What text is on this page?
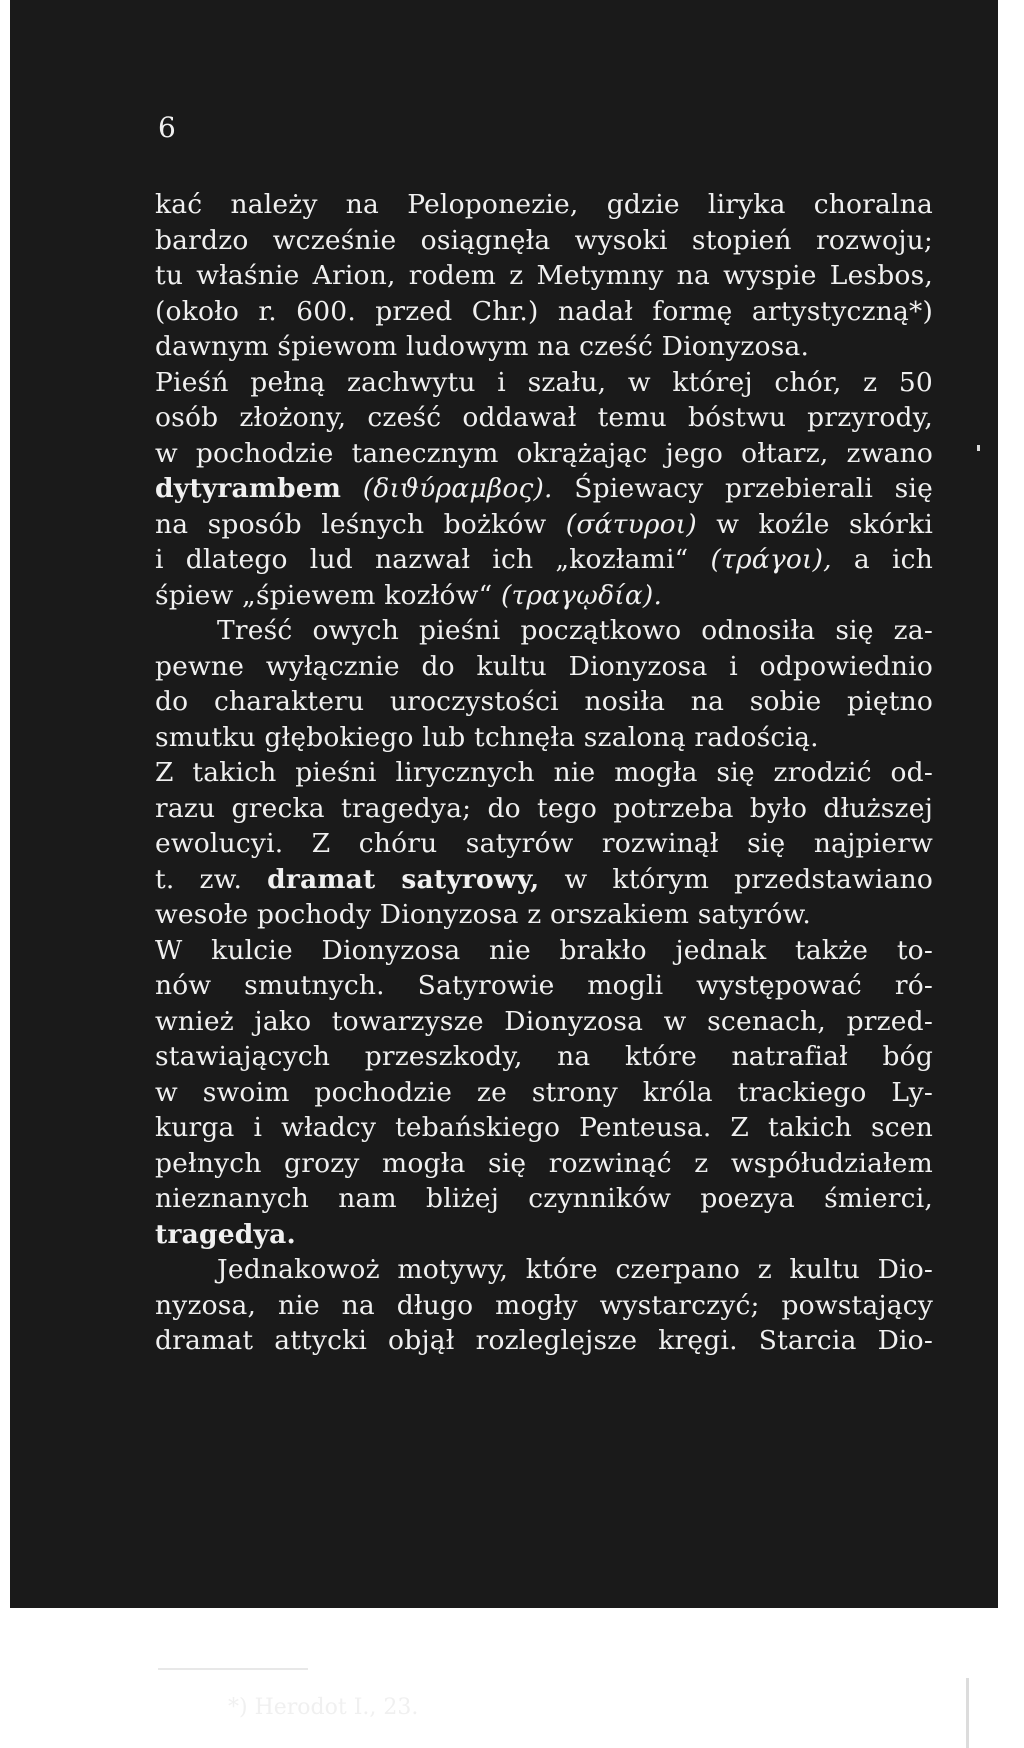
6
kać należy na Peloponezie, gdzie liryka choralna
bardzo wcześnie osiągnęła wysoki stopień rozwoju;
tu właśnie Arion, rodem z Metymny na wyspie Lesbos,
(około r. 600. przed Chr.) nadał formę artystyczną*)
dawnym śpiewom ludowym na cześć Dionyzosa.
Pieśń pełną zachwytu i szału, w której chór, z 50
osób złożony, cześć oddawał temu bóstwu przyrody,
w pochodzie tanecznym okrążając jego ołtarz, zwano
dytyrambem (διϑύραμβος). Śpiewacy przebierali się
na sposób leśnych bożków (σάτυροι) w koźle skórki
i dlatego lud nazwał ich „kozłami“ (τράγοι), a ich
śpiew „śpiewem kozłów“ (τραγῳδία).
Treść owych pieśni początkowo odnosiła się za-
pewne wyłącznie do kultu Dionyzosa i odpowiednio
do charakteru uroczystości nosiła na sobie piętno
smutku głębokiego lub tchnęła szaloną radością.
Z takich pieśni lirycznych nie mogła się zrodzić od-
razu grecka tragedya; do tego potrzeba było dłuższej
ewolucyi. Z chóru satyrów rozwinął się najpierw
t. zw. dramat satyrowy, w którym przedstawiano
wesołe pochody Dionyzosa z orszakiem satyrów.
W kulcie Dionyzosa nie brakło jednak także to-
nów smutnych. Satyrowie mogli występować ró-
wnież jako towarzysze Dionyzosa w scenach, przed-
stawiających przeszkody, na które natrafiał bóg
w swoim pochodzie ze strony króla trackiego Ly-
kurga i władcy tebańskiego Penteusa. Z takich scen
pełnych grozy mogła się rozwinąć z współudziałem
nieznanych nam bliżej czynników poezya śmierci,
tragedya.
Jednakowoż motywy, które czerpano z kultu Dio-
nyzosa, nie na długo mogły wystarczyć; powstający
dramat attycki objął rozleglejsze kręgi. Starcia Dio-
*) Herodot I., 23.
